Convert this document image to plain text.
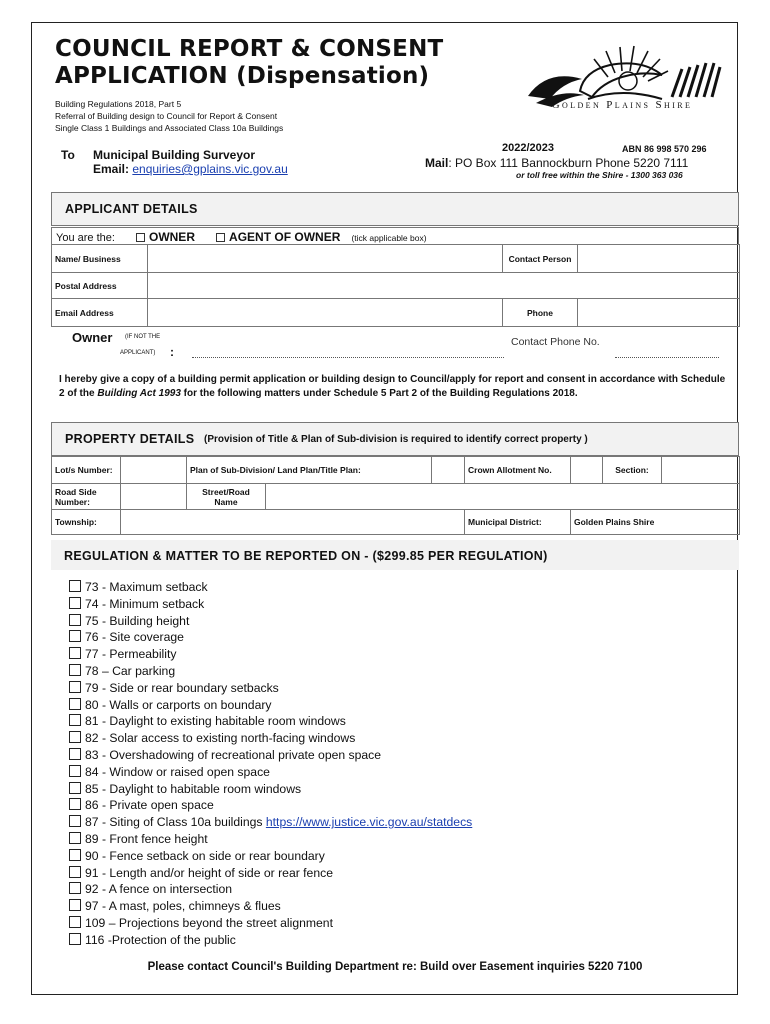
COUNCIL REPORT & CONSENT
APPLICATION (Dispensation)
Building Regulations 2018, Part 5
Referral of Building design to Council for Report & Consent
Single Class 1 Buildings and Associated Class 10a Buildings
Golden Plains Shire
To Municipal Building Surveyor
Email: enquiries@gplains.vic.gov.au
2022/2023	ABN 86 998 570 296
Mail: PO Box 111 Bannockburn Phone 5220 7111
or toll free within the Shire - 1300 363 036
APPLICANT DETAILS
You are the:	OWNER	AGENT OF OWNER (tick applicable box)
Name/ Business		Contact Person	
Postal Address			
Email Address		Phone	
Owner (IF NOT THE
APPLICANT) :
Contact Phone No.
I hereby give a copy of a building permit application or building design to Council/apply for report and consent in accordance with Schedule 2 of the Building Act 1993 for the following matters under Schedule 5 Part 2 of the Building Regulations 2018.
PROPERTY DETAILS (Provision of Title & Plan of Sub-division is required to identify correct property )
Lot/s Number:		Plan of Sub-Division/ Land Plan/Title Plan:			Crown Allotment No.		Section:	
Road Side Number:		Street/Road Name						
Township:					Municipal District:	Golden Plains Shire		
REGULATION & MATTER TO BE REPORTED ON - ($299.85 PER REGULATION)
73 - Maximum setback
74 - Minimum setback
75 - Building height
76 - Site coverage
77 - Permeability
78 – Car parking
79 - Side or rear boundary setbacks
80 - Walls or carports on boundary
81 - Daylight to existing habitable room windows
82 - Solar access to existing north-facing windows
83 - Overshadowing of recreational private open space
84 - Window or raised open space
85 - Daylight to habitable room windows
86 - Private open space
87 - Siting of Class 10a buildings https://www.justice.vic.gov.au/statdecs
89 - Front fence height
90 - Fence setback on side or rear boundary
91 - Length and/or height of side or rear fence
92 - A fence on intersection
97 - A mast, poles, chimneys & flues
109 – Projections beyond the street alignment
116 -Protection of the public
Please contact Council's Building Department re: Build over Easement inquiries 5220 7100
